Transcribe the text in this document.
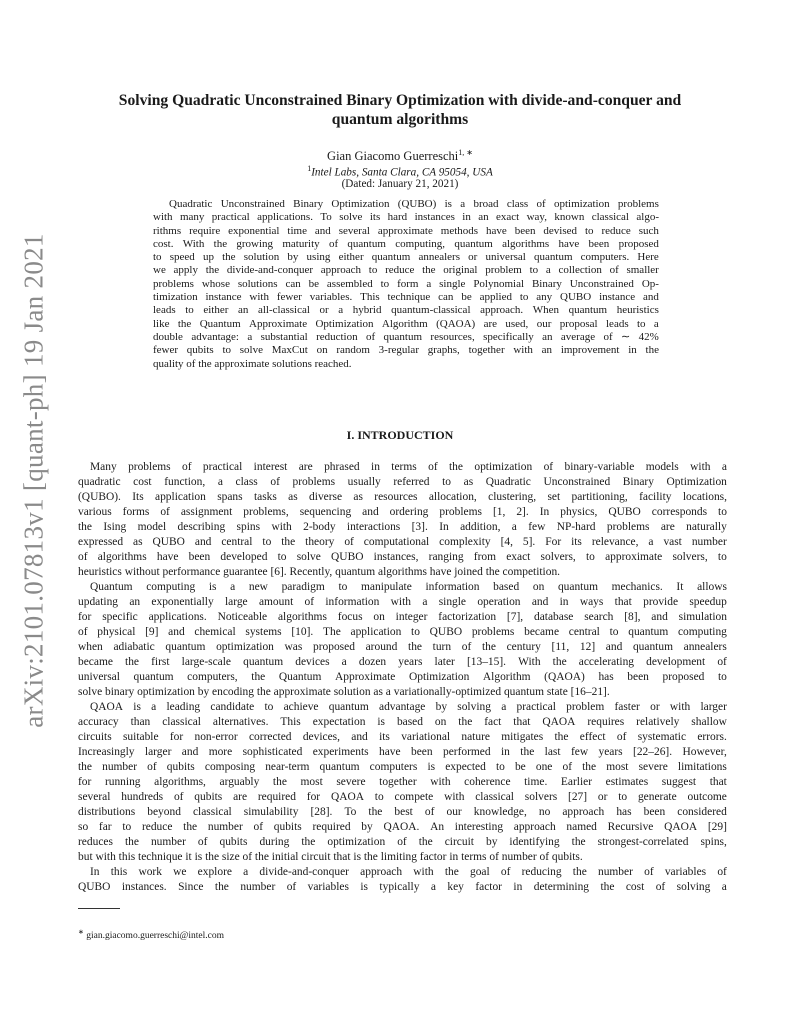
arXiv:2101.07813v1 [quant-ph] 19 Jan 2021
Solving Quadratic Unconstrained Binary Optimization with divide-and-conquer and
quantum algorithms
Gian Giacomo Guerreschi$^{1, ∗}$
$^1$Intel Labs, Santa Clara, CA 95054, USA
(Dated: January 21, 2021)
Quadratic Unconstrained Binary Optimization (QUBO) is a broad class of optimization problems
with many practical applications. To solve its hard instances in an exact way, known classical algo-
rithms require exponential time and several approximate methods have been devised to reduce such
cost. With the growing maturity of quantum computing, quantum algorithms have been proposed
to speed up the solution by using either quantum annealers or universal quantum computers. Here
we apply the divide-and-conquer approach to reduce the original problem to a collection of smaller
problems whose solutions can be assembled to form a single Polynomial Binary Unconstrained Op-
timization instance with fewer variables. This technique can be applied to any QUBO instance and
leads to either an all-classical or a hybrid quantum-classical approach. When quantum heuristics
like the Quantum Approximate Optimization Algorithm (QAOA) are used, our proposal leads to a
double advantage: a substantial reduction of quantum resources, specifically an average of ∼ 42%
fewer qubits to solve MaxCut on random 3-regular graphs, together with an improvement in the
quality of the approximate solutions reached.
I. INTRODUCTION
Many problems of practical interest are phrased in terms of the optimization of binary-variable models with a
quadratic cost function, a class of problems usually referred to as Quadratic Unconstrained Binary Optimization
(QUBO). Its application spans tasks as diverse as resources allocation, clustering, set partitioning, facility locations,
various forms of assignment problems, sequencing and ordering problems [1, 2]. In physics, QUBO corresponds to
the Ising model describing spins with 2-body interactions [3]. In addition, a few NP-hard problems are naturally
expressed as QUBO and central to the theory of computational complexity [4, 5]. For its relevance, a vast number
of algorithms have been developed to solve QUBO instances, ranging from exact solvers, to approximate solvers, to
heuristics without performance guarantee [6]. Recently, quantum algorithms have joined the competition.
Quantum computing is a new paradigm to manipulate information based on quantum mechanics. It allows
updating an exponentially large amount of information with a single operation and in ways that provide speedup
for specific applications. Noticeable algorithms focus on integer factorization [7], database search [8], and simulation
of physical [9] and chemical systems [10]. The application to QUBO problems became central to quantum computing
when adiabatic quantum optimization was proposed around the turn of the century [11, 12] and quantum annealers
became the first large-scale quantum devices a dozen years later [13–15]. With the accelerating development of
universal quantum computers, the Quantum Approximate Optimization Algorithm (QAOA) has been proposed to
solve binary optimization by encoding the approximate solution as a variationally-optimized quantum state [16–21].
QAOA is a leading candidate to achieve quantum advantage by solving a practical problem faster or with larger
accuracy than classical alternatives. This expectation is based on the fact that QAOA requires relatively shallow
circuits suitable for non-error corrected devices, and its variational nature mitigates the effect of systematic errors.
Increasingly larger and more sophisticated experiments have been performed in the last few years [22–26]. However,
the number of qubits composing near-term quantum computers is expected to be one of the most severe limitations
for running algorithms, arguably the most severe together with coherence time. Earlier estimates suggest that
several hundreds of qubits are required for QAOA to compete with classical solvers [27] or to generate outcome
distributions beyond classical simulability [28]. To the best of our knowledge, no approach has been considered
so far to reduce the number of qubits required by QAOA. An interesting approach named Recursive QAOA [29]
reduces the number of qubits during the optimization of the circuit by identifying the strongest-correlated spins,
but with this technique it is the size of the initial circuit that is the limiting factor in terms of number of qubits.
In this work we explore a divide-and-conquer approach with the goal of reducing the number of variables of
QUBO instances. Since the number of variables is typically a key factor in determining the cost of solving a
∗ gian.giacomo.guerreschi@intel.com
